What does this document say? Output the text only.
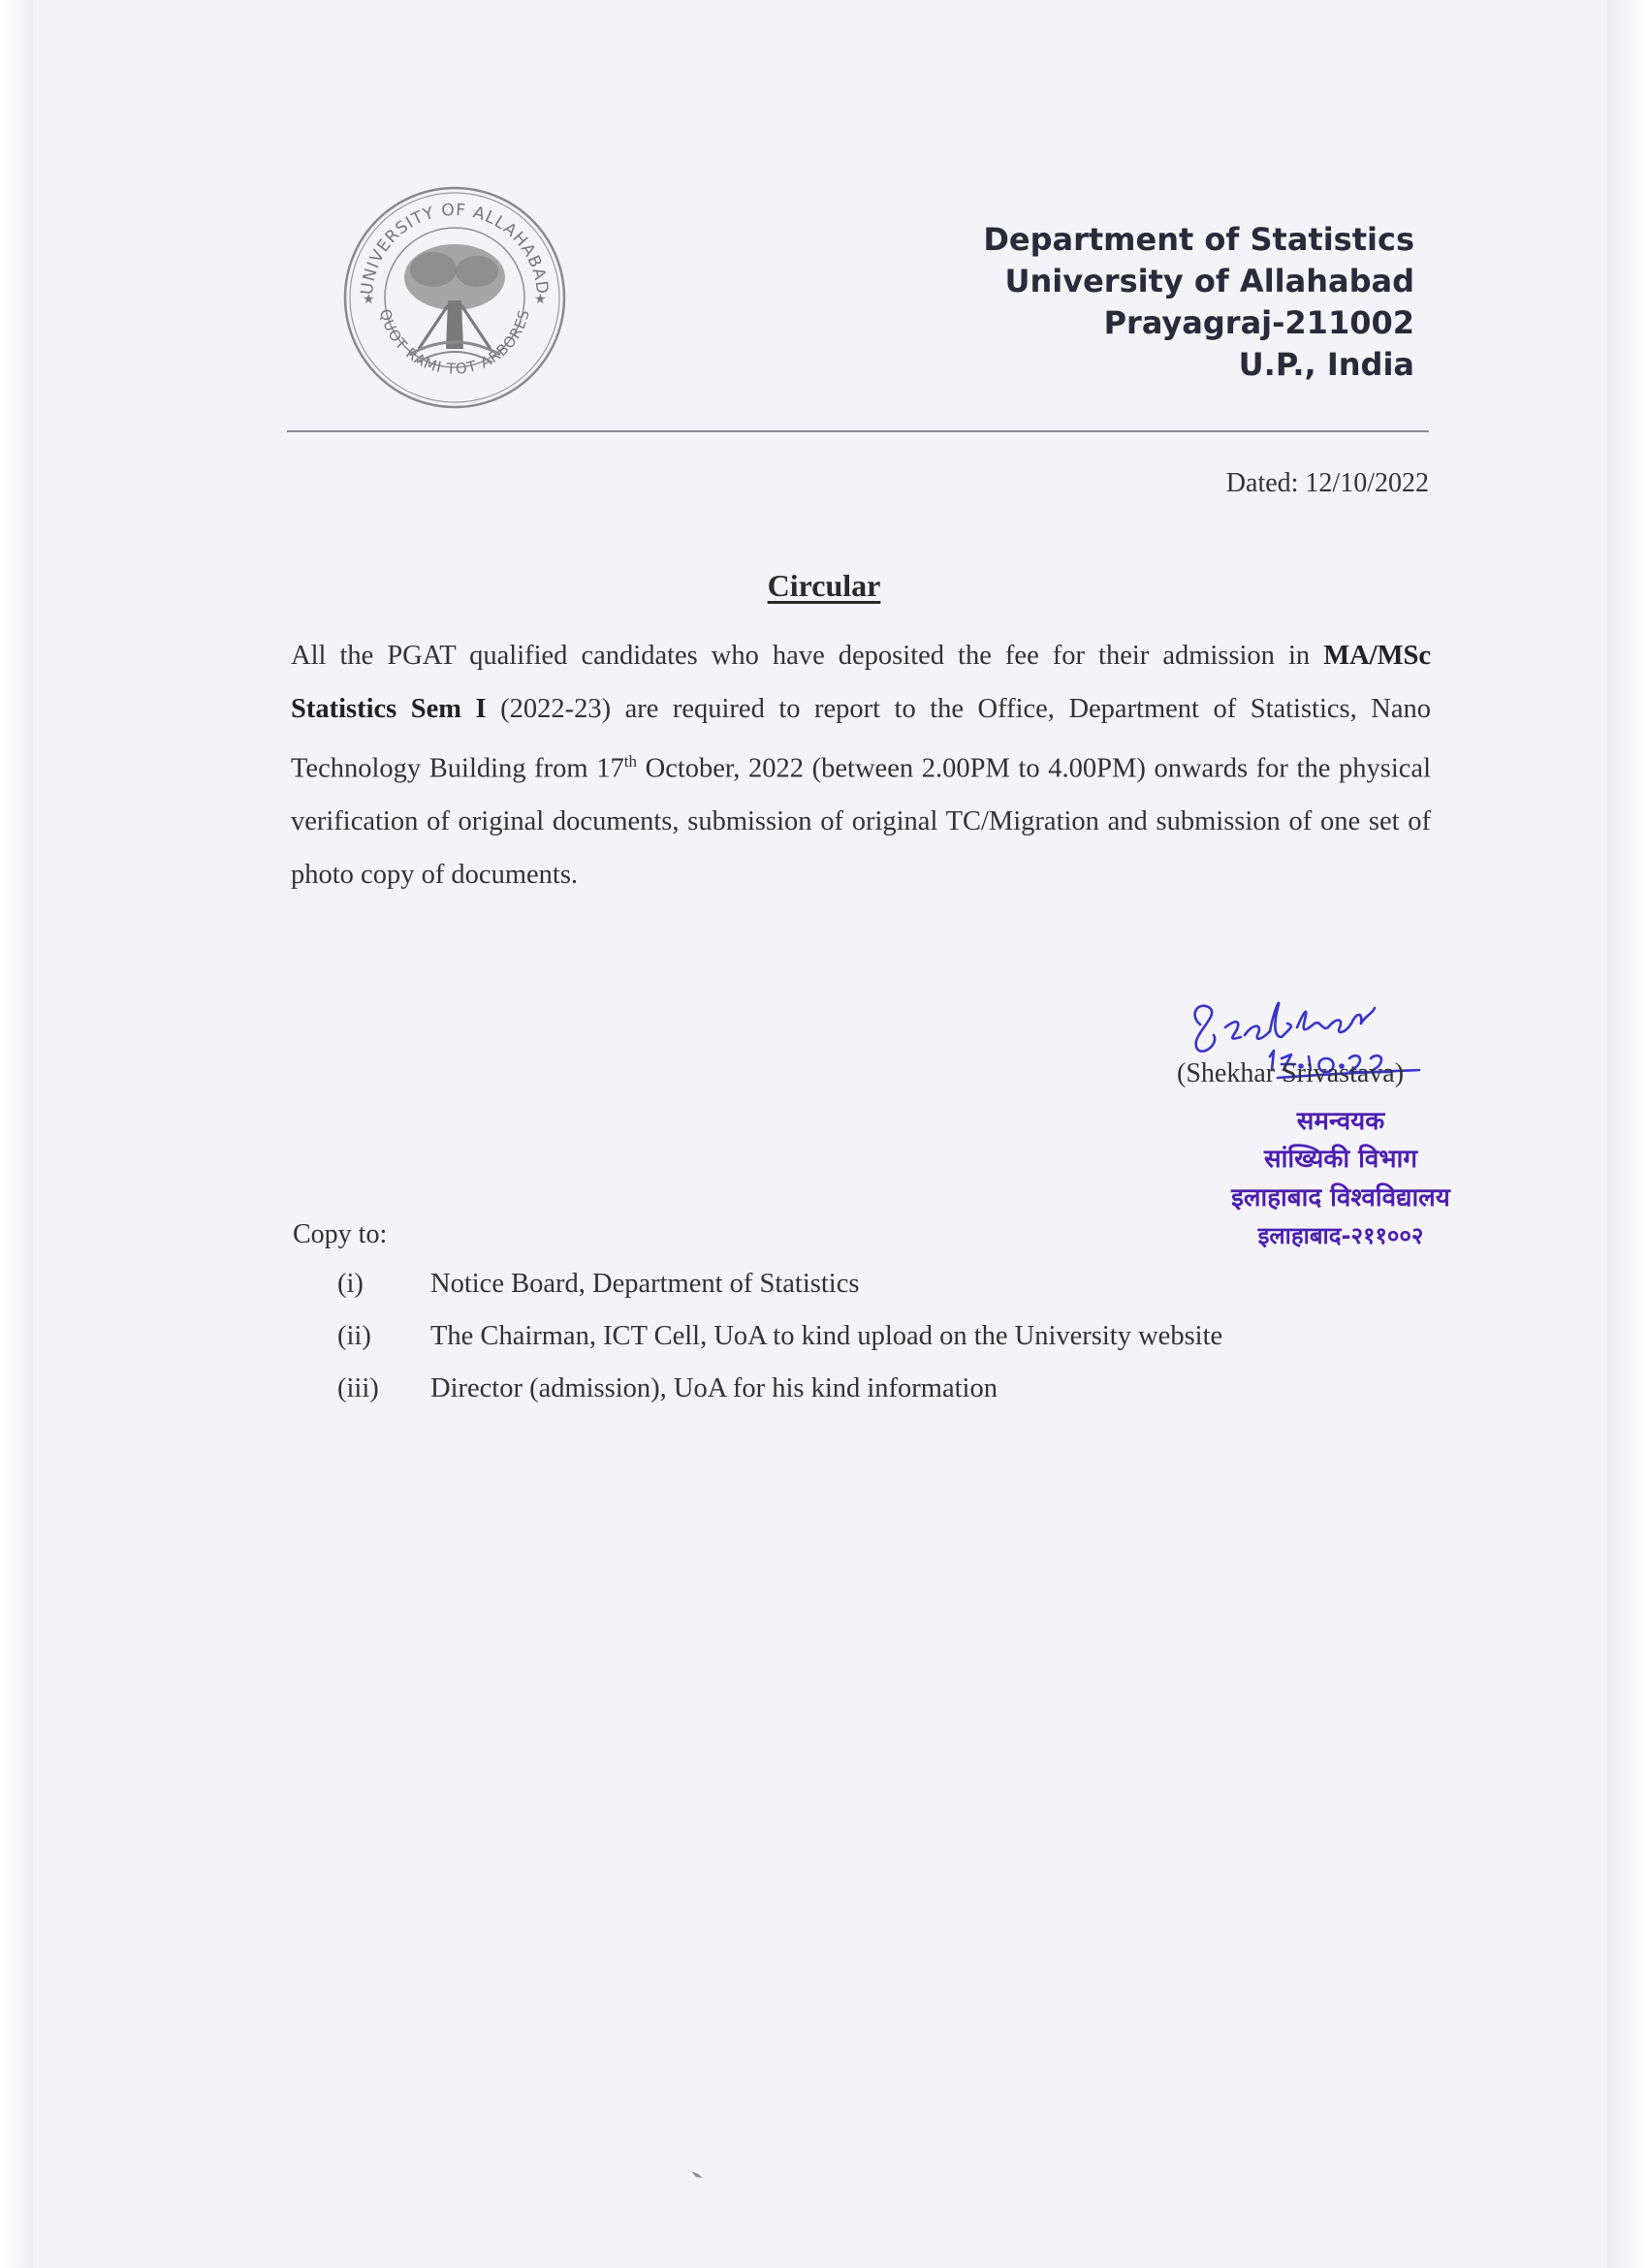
UNIVERSITY OF ALLAHABAD
QUOT RAMI TOT ARBORES
★	★
Department of Statistics
University of Allahabad
Prayagraj-211002
U.P., India
Dated: 12/10/2022
Circular
All the PGAT qualified candidates who have deposited the fee for their admission in MA/MSc Statistics Sem I (2022-23) are required to report to the Office, Department of Statistics, Nano Technology Building from 17th October, 2022 (between 2.00PM to 4.00PM) onwards for the physical verification of original documents, submission of original TC/Migration and submission of one set of photo copy of documents.
(Shekhar Srivastava)
समन्वयक
सांख्यिकी विभाग
इलाहाबाद विश्वविद्यालय
इलाहाबाद-२११००२
Copy to:
(i)	Notice Board, Department of Statistics
(ii)	The Chairman, ICT Cell, UoA to kind upload on the University website
(iii)	Director (admission), UoA for his kind information
